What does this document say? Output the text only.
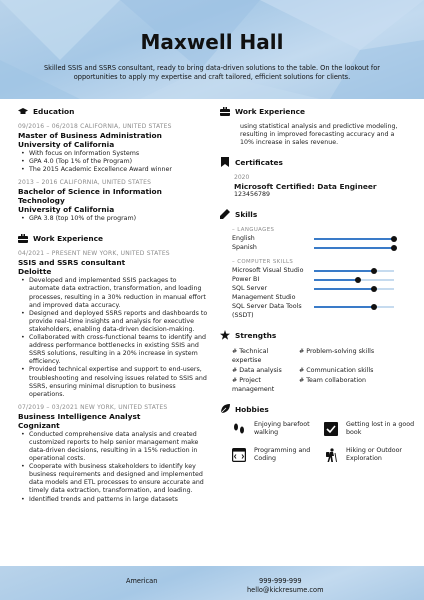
Maxwell Hall
Skilled SSIS and SSRS consultant, ready to bring data-driven solutions to the table. On the lookout for opportunities to apply my expertise and craft tailored, efficient solutions for clients.
Education
09/2016 – 06/2018 CALIFORNIA, UNITED STATES
Master of Business Administration
University of California
• With focus on Information Systems
• GPA 4.0 (Top 1% of the Program)
• The 2015 Academic Excellence Award winner
2013 – 2016 CALIFORNIA, UNITED STATES
Bachelor of Science in Information Technology
University of California
• GPA 3.8 (top 10% of the program)
Work Experience
04/2021 – PRESENT NEW YORK, UNITED STATES
SSIS and SSRS consultant
Deloitte
• Developed and implemented SSIS packages to automate data extraction, transformation, and loading processes, resulting in a 30% reduction in manual effort and improved data accuracy.
• Designed and deployed SSRS reports and dashboards to provide real-time insights and analysis for executive stakeholders, enabling data-driven decision-making.
• Collaborated with cross-functional teams to identify and address performance bottlenecks in existing SSIS and SSRS solutions, resulting in a 20% increase in system efficiency.
• Provided technical expertise and support to end-users, troubleshooting and resolving issues related to SSIS and SSRS, ensuring minimal disruption to business operations.
07/2019 – 03/2021 NEW YORK, UNITED STATES
Business Intelligence Analyst
Cognizant
• Conducted comprehensive data analysis and created customized reports to help senior management make data-driven decisions, resulting in a 15% reduction in operational costs.
• Cooperate with business stakeholders to identify key business requirements and designed and implemented data models and ETL processes to ensure accurate and timely data extraction, transformation, and loading.
• Identified trends and patterns in large datasets
Work Experience
using statistical analysis and predictive modeling, resulting in improved forecasting accuracy and a 10% increase in sales revenue.
Certificates
2020
Microsoft Certified: Data Engineer
123456789
Skills
– LANGUAGES
English
Spanish
– COMPUTER SKILLS
Microsoft Visual Studio
Power BI
SQL Server
Management Studio
SQL Server Data Tools
(SSDT)
Strengths
# Technical expertise
# Problem-solving skills
# Data analysis	# Communication skills
# Project management
# Team collaboration
Hobbies
Enjoying barefoot walking
Getting lost in a good book
Programming and Coding
Hiking or Outdoor Exploration
American	999-999-999
hello@kickresume.com
